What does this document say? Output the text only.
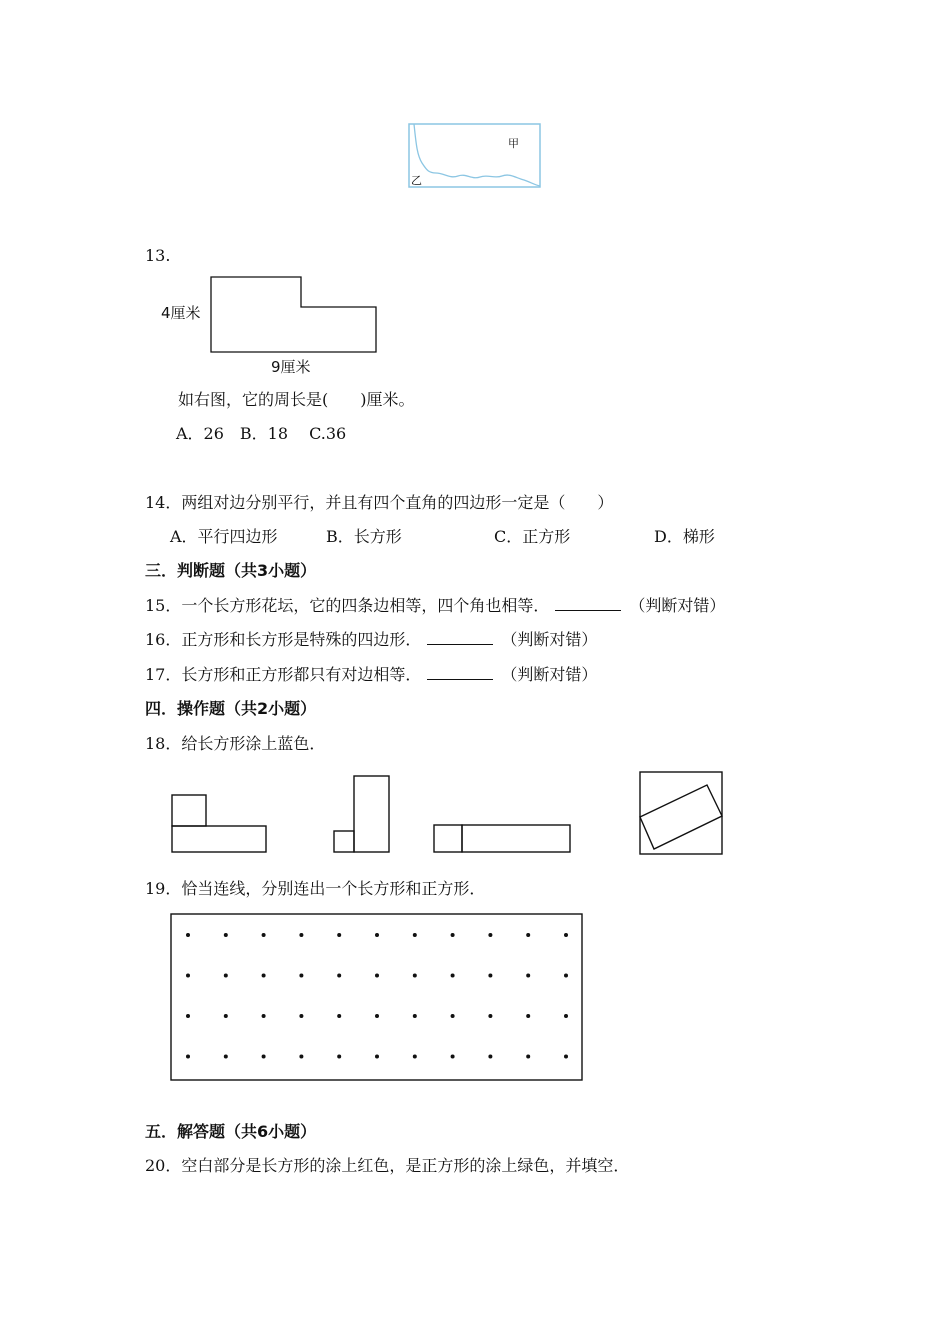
甲
乙
13.
4厘米
9厘米
如右图，它的周长是(　　)厘米。
A．26　B．18　 C.36
14．两组对边分别平行，并且有四个直角的四边形一定是（　　）
A．平行四边形	B．长方形	C．正方形	D．梯形
三．判断题（共3小题）
15．一个长方形花坛，它的四条边相等，四个角也相等．	（判断对错）
16．正方形和长方形是特殊的四边形．	（判断对错）
17．长方形和正方形都只有对边相等．	（判断对错）
四．操作题（共2小题）
18．给长方形涂上蓝色．
19．恰当连线，分别连出一个长方形和正方形．
五．解答题（共6小题）
20．空白部分是长方形的涂上红色，是正方形的涂上绿色，并填空．
